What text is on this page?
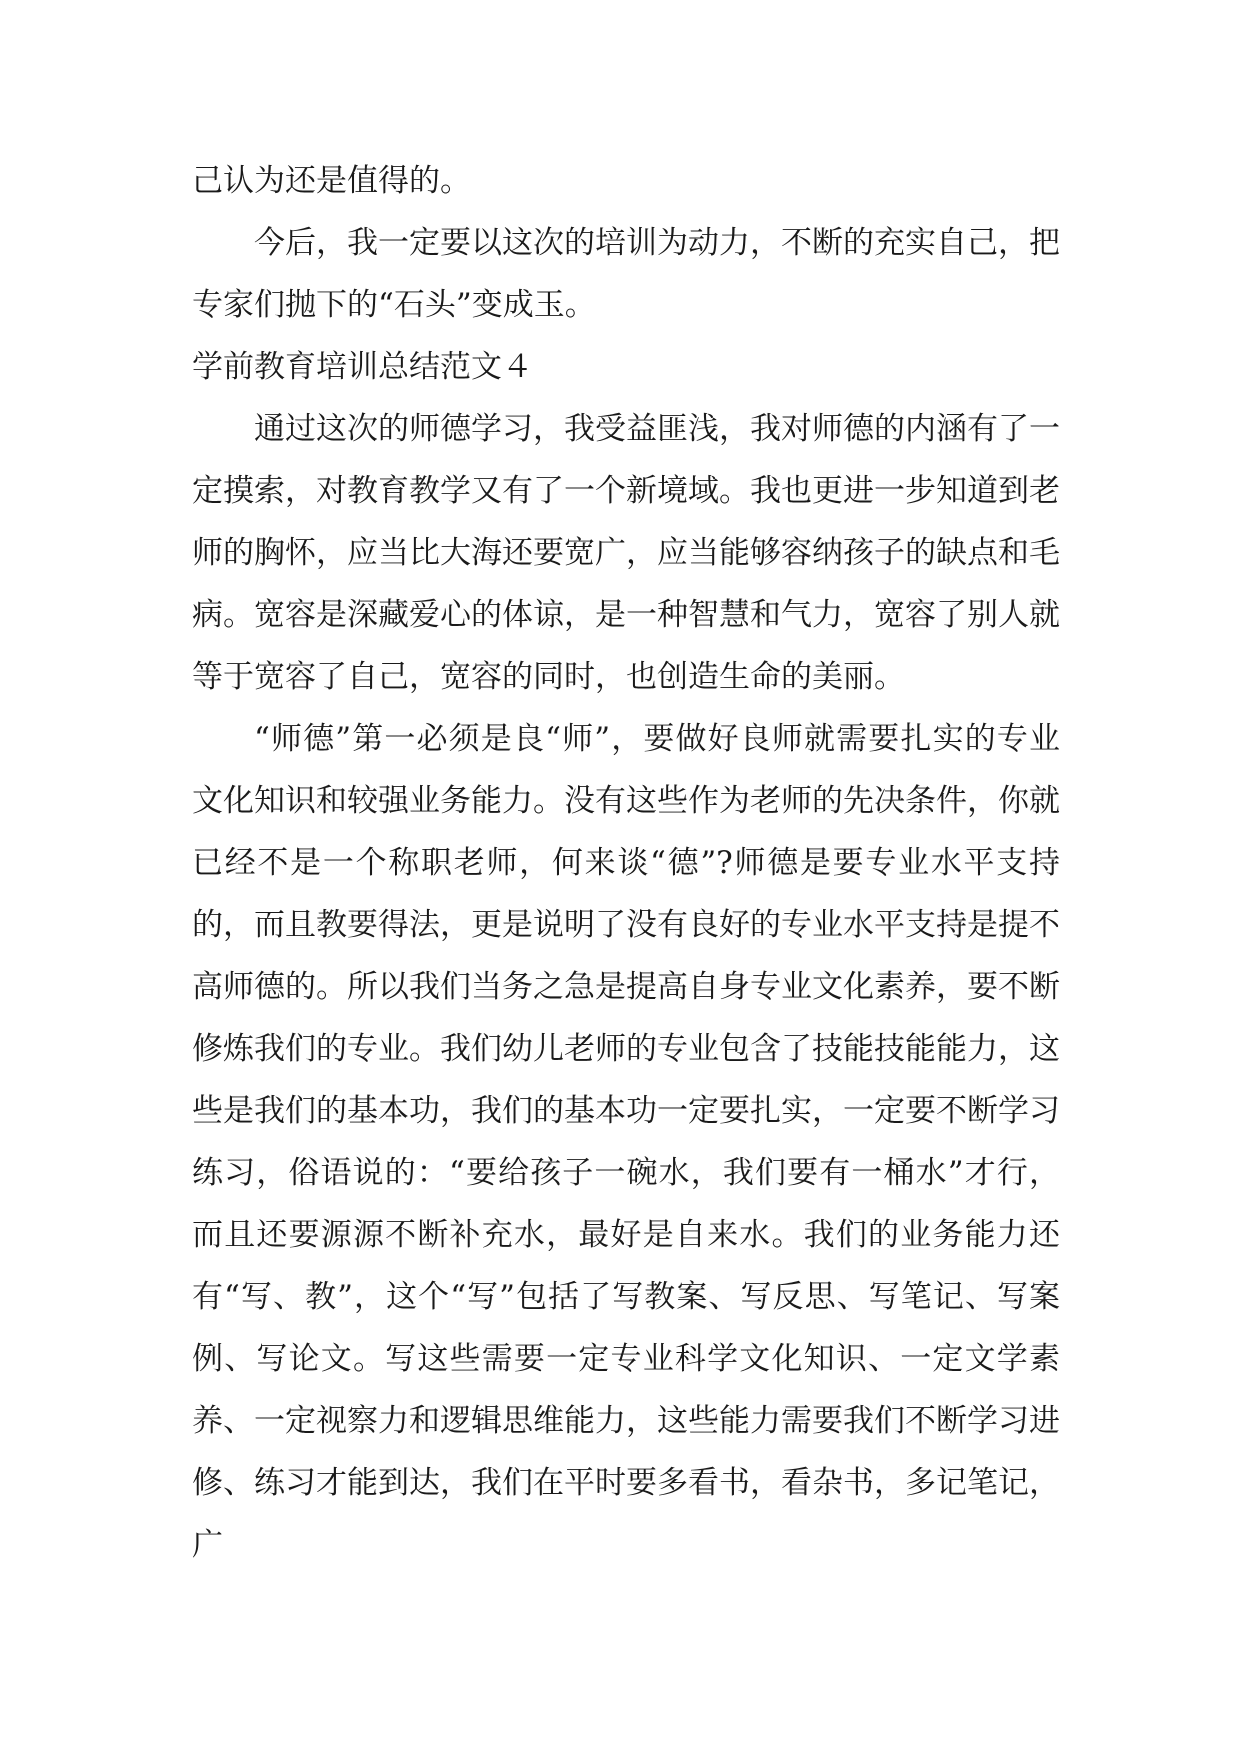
己认为还是值得的。

今后，我一定要以这次的培训为动力，不断的充实自己，把专家们抛下的“石头”变成玉。

学前教育培训总结范文４

通过这次的师德学习，我受益匪浅，我对师德的内涵有了一定摸索，对教育教学又有了一个新境域。我也更进一步知道到老师的胸怀，应当比大海还要宽广，应当能够容纳孩子的缺点和毛病。宽容是深藏爱心的体谅，是一种智慧和气力，宽容了别人就等于宽容了自己，宽容的同时，也创造生命的美丽。

“师德”第一必须是良“师”，要做好良师就需要扎实的专业文化知识和较强业务能力。没有这些作为老师的先决条件，你就已经不是一个称职老师，何来谈“德”?师德是要专业水平支持的，而且教要得法，更是说明了没有良好的专业水平支持是提不高师德的。所以我们当务之急是提高自身专业文化素养，要不断修炼我们的专业。我们幼儿老师的专业包含了技能技能能力，这些是我们的基本功，我们的基本功一定要扎实，一定要不断学习练习，俗语说的：“要给孩子一碗水，我们要有一桶水”才行，而且还要源源不断补充水，最好是自来水。我们的业务能力还有“写、教”，这个“写”包括了写教案、写反思、写笔记、写案例、写论文。写这些需要一定专业科学文化知识、一定文学素养、一定视察力和逻辑思维能力，这些能力需要我们不断学习进修、练习才能到达，我们在平时要多看书，看杂书，多记笔记，广
